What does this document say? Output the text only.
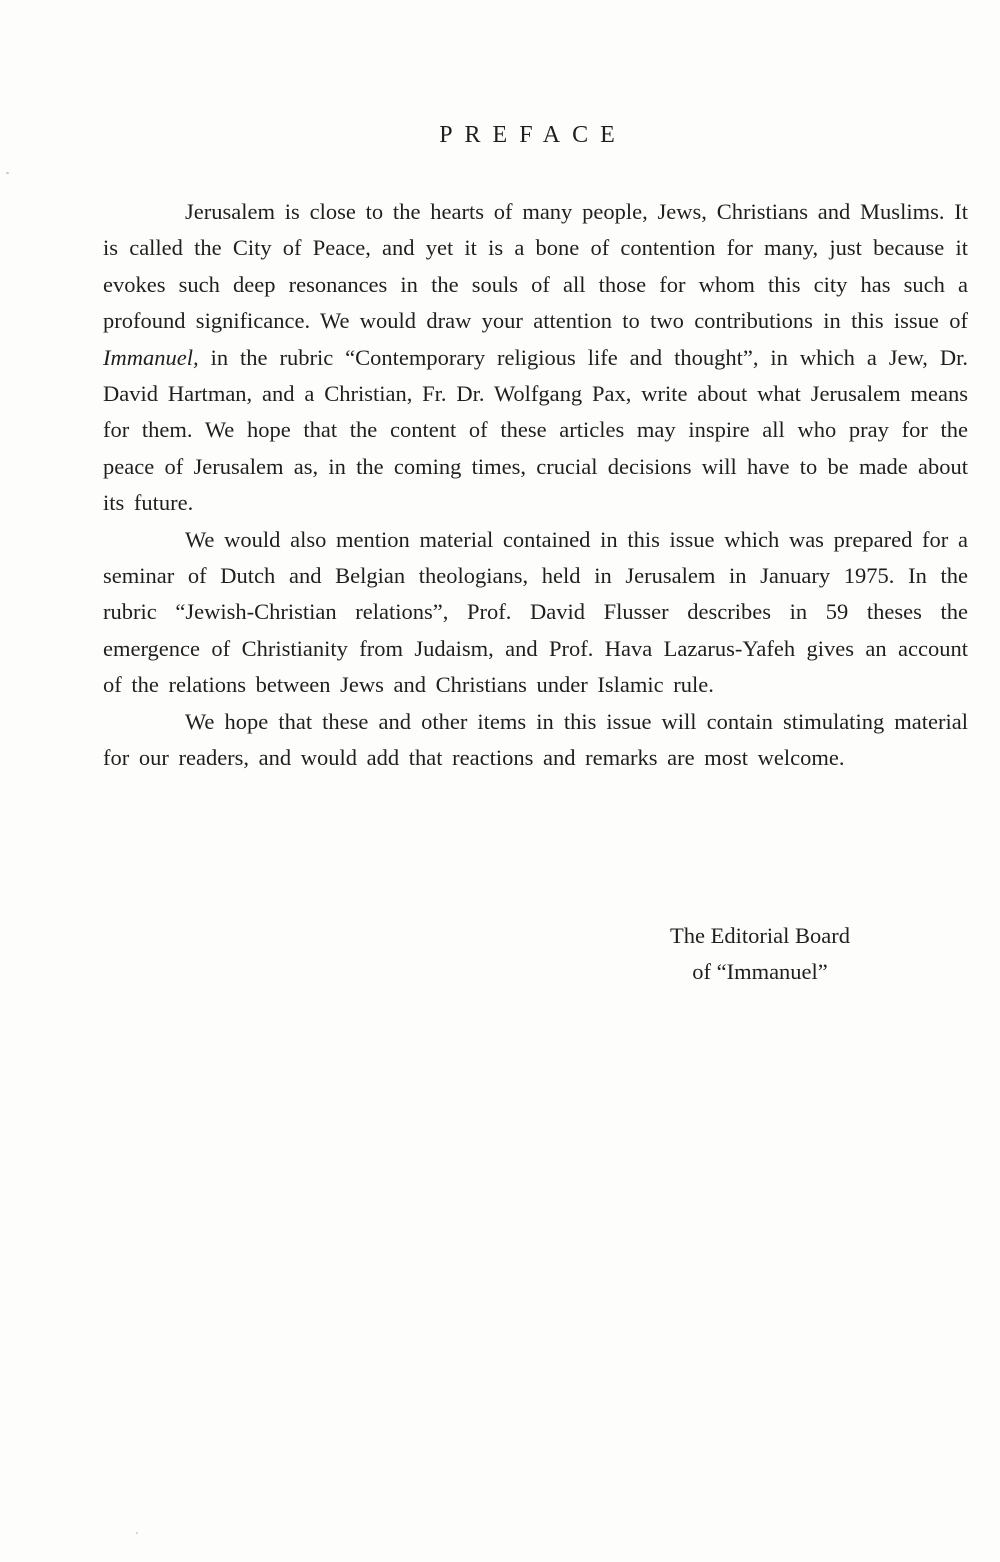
PREFACE

Jerusalem is close to the hearts of many people, Jews, Christians and Muslims. It is called the City of Peace, and yet it is a bone of contention for many, just because it evokes such deep resonances in the souls of all those for whom this city has such a profound significance. We would draw your attention to two contributions in this issue of Immanuel, in the rubric “Contemporary religious life and thought”, in which a Jew, Dr. David Hartman, and a Christian, Fr. Dr. Wolfgang Pax, write about what Jerusalem means for them. We hope that the content of these articles may inspire all who pray for the peace of Jerusalem as, in the coming times, crucial decisions will have to be made about its future.

We would also mention material contained in this issue which was prepared for a seminar of Dutch and Belgian theologians, held in Jerusalem in January 1975. In the rubric “Jewish-Christian relations”, Prof. David Flusser describes in 59 theses the emergence of Christianity from Judaism, and Prof. Hava Lazarus-Yafeh gives an account of the relations between Jews and Christians under Islamic rule.

We hope that these and other items in this issue will contain stimulating material for our readers, and would add that reactions and remarks are most welcome.

The Editorial Board
of “Immanuel”
